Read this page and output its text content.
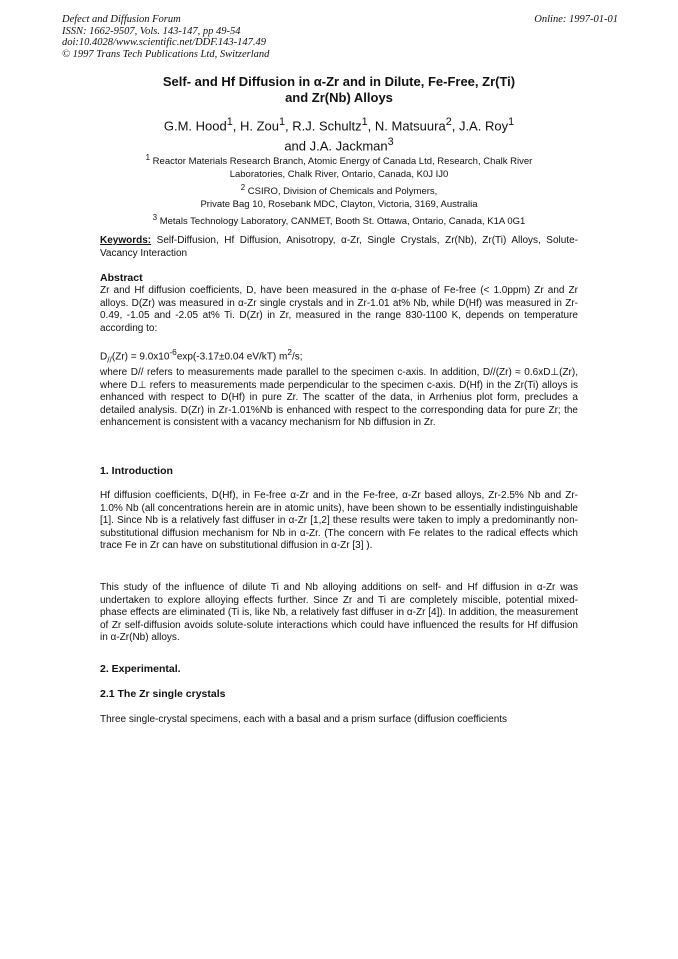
Defect and Diffusion Forum
ISSN: 1662-9507, Vols. 143-147, pp 49-54
doi:10.4028/www.scientific.net/DDF.143-147.49
© 1997 Trans Tech Publications Ltd, Switzerland
Online: 1997-01-01
Self- and Hf Diffusion in α-Zr and in Dilute, Fe-Free, Zr(Ti)
and Zr(Nb) Alloys
G.M. Hood$^1$, H. Zou$^1$, R.J. Schultz$^1$, N. Matsuura$^2$, J.A. Roy$^1$
and J.A. Jackman$^3$
$^1$ Reactor Materials Research Branch, Atomic Energy of Canada Ltd, Research, Chalk River
Laboratories, Chalk River, Ontario, Canada, K0J IJ0
$^2$ CSIRO, Division of Chemicals and Polymers,
Private Bag 10, Rosebank MDC, Clayton, Victoria, 3169, Australia
$^3$ Metals Technology Laboratory, CANMET, Booth St. Ottawa, Ontario, Canada, K1A 0G1
Keywords: Self-Diffusion, Hf Diffusion, Anisotropy, α-Zr, Single Crystals, Zr(Nb), Zr(Ti) Alloys, Solute-Vacancy Interaction
Abstract
Zr and Hf diffusion coefficients, D, have been measured in the α-phase of Fe-free (< 1.0ppm) Zr and Zr alloys. D(Zr) was measured in α-Zr single crystals and in Zr-1.01 at% Nb, while D(Hf) was measured in Zr-0.49, -1.05 and -2.05 at% Ti. D(Zr) in Zr, measured in the range 830-1100 K, depends on temperature according to:
$D_{//}(Zr) = 9.0x10^{-6}\exp(-3.17\pm 0.04$ eV/kT) $m^2/s$;
where D// refers to measurements made parallel to the specimen c-axis. In addition, D//(Zr) ≈ 0.6xD⊥(Zr), where D⊥ refers to measurements made perpendicular to the specimen c-axis. D(Hf) in the Zr(Ti) alloys is enhanced with respect to D(Hf) in pure Zr. The scatter of the data, in Arrhenius plot form, precludes a detailed analysis. D(Zr) in Zr-1.01%Nb is enhanced with respect to the corresponding data for pure Zr; the enhancement is consistent with a vacancy mechanism for Nb diffusion in Zr.
1. Introduction
Hf diffusion coefficients, D(Hf), in Fe-free α-Zr and in the Fe-free, α-Zr based alloys, Zr-2.5% Nb and Zr-1.0% Nb (all concentrations herein are in atomic units), have been shown to be essentially indistinguishable [1]. Since Nb is a relatively fast diffuser in α-Zr [1,2] these results were taken to imply a predominantly non-substitutional diffusion mechanism for Nb in α-Zr. (The concern with Fe relates to the radical effects which trace Fe in Zr can have on substitutional diffusion in α-Zr [3] ).
This study of the influence of dilute Ti and Nb alloying additions on self- and Hf diffusion in α-Zr was undertaken to explore alloying effects further. Since Zr and Ti are completely miscible, potential mixed-phase effects are eliminated (Ti is, like Nb, a relatively fast diffuser in α-Zr [4]). In addition, the measurement of Zr self-diffusion avoids solute-solute interactions which could have influenced the results for Hf diffusion in α-Zr(Nb) alloys.
2. Experimental.
2.1 The Zr single crystals
Three single-crystal specimens, each with a basal and a prism surface (diffusion coefficients
